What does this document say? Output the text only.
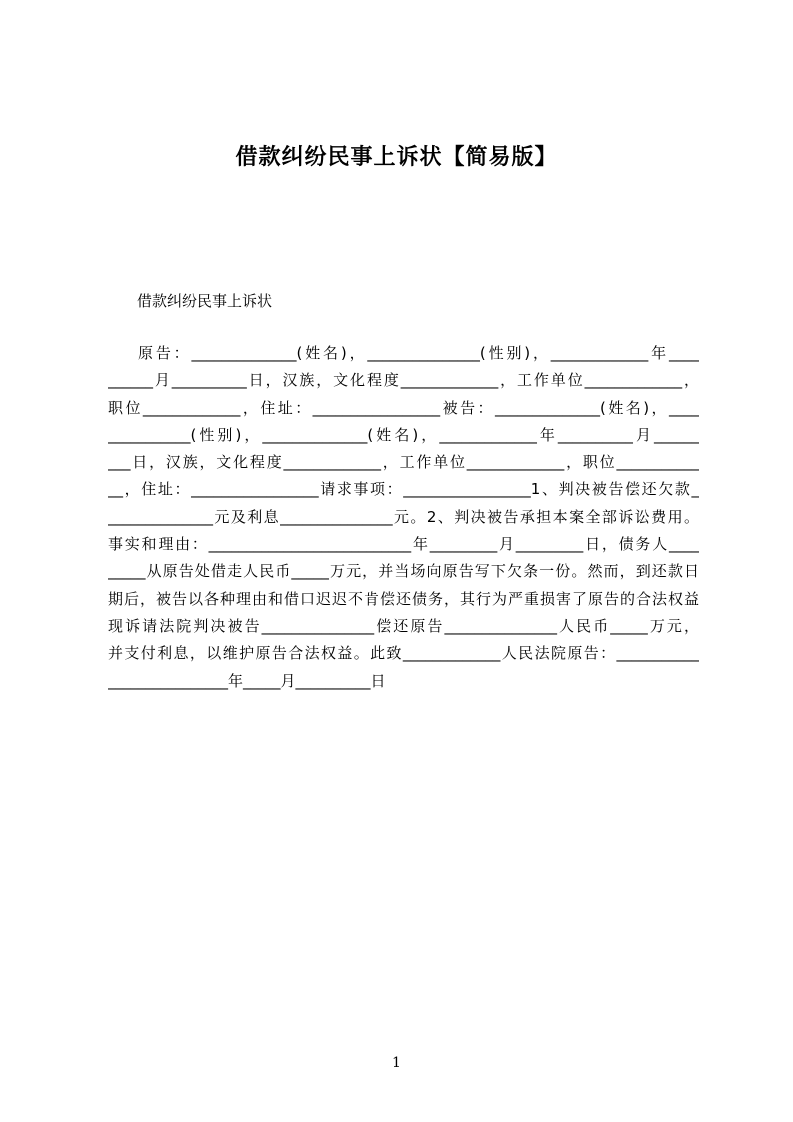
借款纠纷民事上诉状【简易版】
借款纠纷民事上诉状
原告：______________(姓名)，_______________(性别)，_____________年____
______月__________日，汉族，文化程度_____________，工作单位_____________，
职位_____________，住址：_________________被告：______________(姓名)，____
___________(性别)，______________(姓名)，_____________年__________月______
___日，汉族，文化程度_____________，工作单位_____________，职位___________
__，住址：_________________请求事项：_________________1、判决被告偿还欠款_
______________元及利息_______________元。2、判决被告承担本案全部诉讼费用。
事实和理由：___________________________年_________月_________日，债务人____
_____从原告处借走人民币_____万元，并当场向原告写下欠条一份。然而，到还款日
期后，被告以各种理由和借口迟迟不肯偿还债务，其行为严重损害了原告的合法权益
现诉请法院判决被告_______________偿还原告_______________人民币_____万元，
并支付利息，以维护原告合法权益。此致_____________人民法院原告：___________
________________年_____月__________日
1
